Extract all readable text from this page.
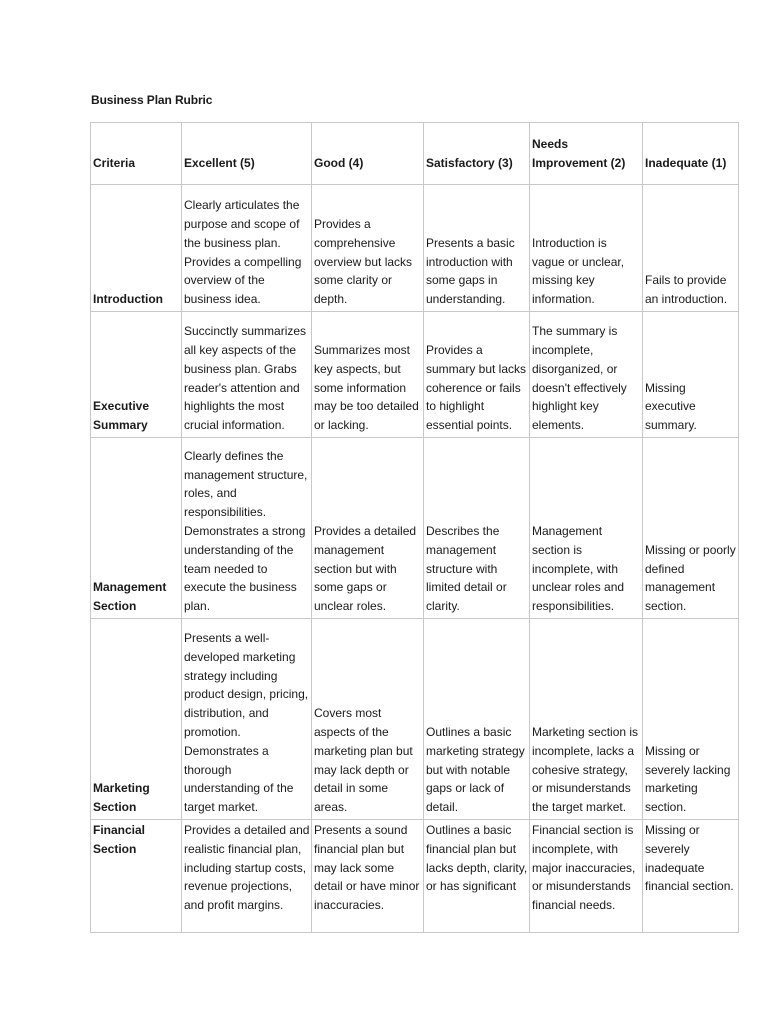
Business Plan Rubric
Criteria	Excellent (5)	Good (4)	Satisfactory (3)	Needs Improvement (2)	Inadequate (1)
Introduction	Clearly articulates the purpose and scope of the business plan. Provides a compelling overview of the business idea.	Provides a comprehensive overview but lacks some clarity or depth.	Presents a basic introduction with some gaps in understanding.	Introduction is vague or unclear, missing key information.	Fails to provide an introduction.
Executive Summary	Succinctly summarizes all key aspects of the business plan. Grabs reader's attention and highlights the most crucial information.	Summarizes most key aspects, but some information may be too detailed or lacking.	Provides a summary but lacks coherence or fails to highlight essential points.	The summary is incomplete, disorganized, or doesn't effectively highlight key elements.	Missing executive summary.
Management Section	Clearly defines the management structure, roles, and responsibilities. Demonstrates a strong understanding of the team needed to execute the business plan.	Provides a detailed management section but with some gaps or unclear roles.	Describes the management structure with limited detail or clarity.	Management section is incomplete, with unclear roles and responsibilities.	Missing or poorly defined management section.
Marketing Section	Presents a well-developed marketing strategy including product design, pricing, distribution, and promotion. Demonstrates a thorough understanding of the target market.	Covers most aspects of the marketing plan but may lack depth or detail in some areas.	Outlines a basic marketing strategy but with notable gaps or lack of detail.	Marketing section is incomplete, lacks a cohesive strategy, or misunderstands the target market.	Missing or severely lacking marketing section.
Financial Section	Provides a detailed and realistic financial plan, including startup costs, revenue projections, and profit margins.	Presents a sound financial plan but may lack some detail or have minor inaccuracies.	Outlines a basic financial plan but lacks depth, clarity, or has significant	Financial section is incomplete, with major inaccuracies, or misunderstands financial needs.	Missing or severely inadequate financial section.
